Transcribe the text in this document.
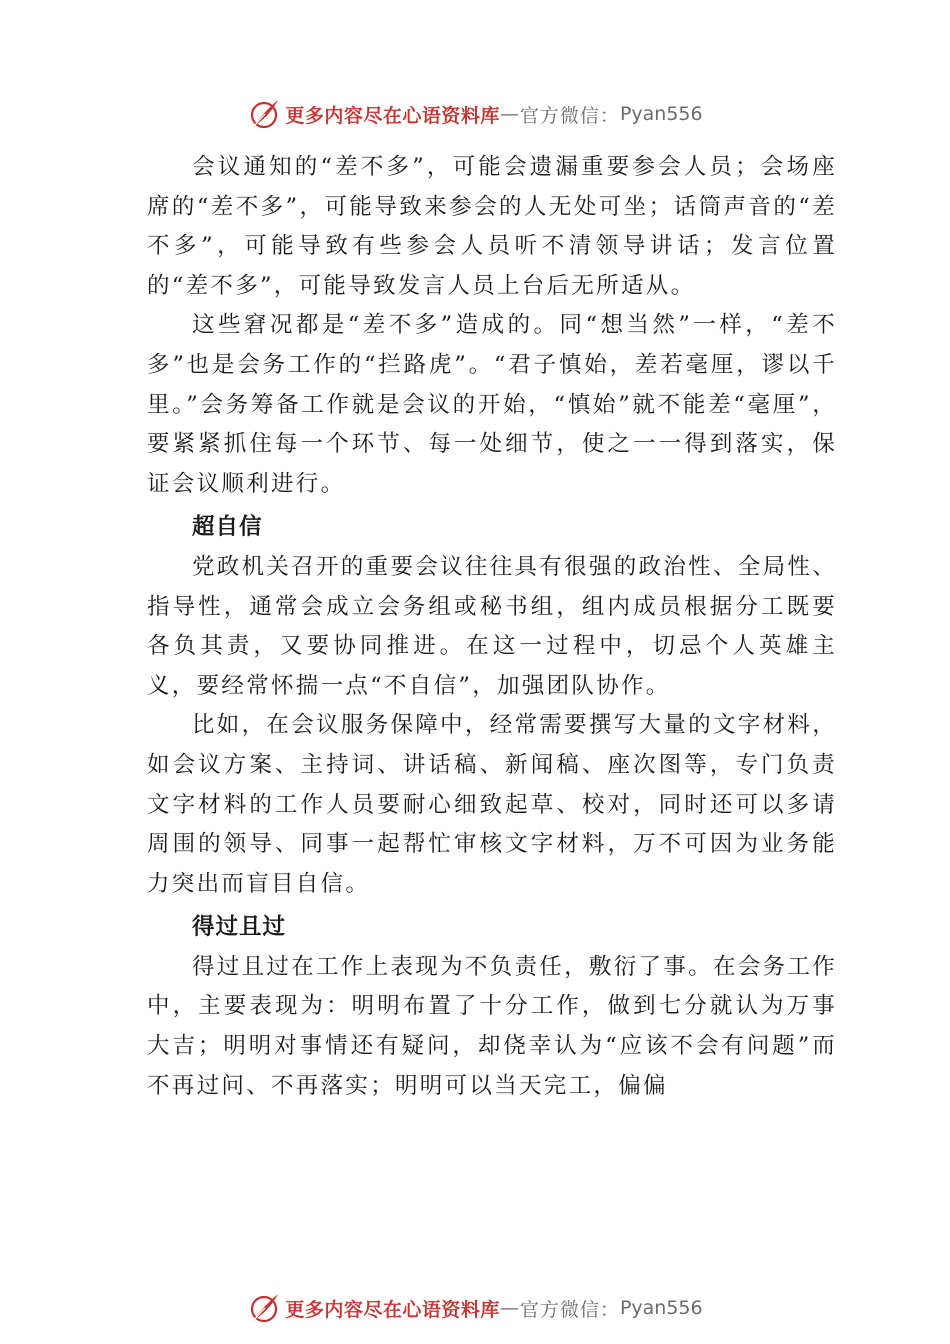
更多内容尽在心语资料库 — 官方微信： Pyan556

会议通知的“差不多”，可能会遗漏重要参会人员；会场座席的“差不多”，可能导致来参会的人无处可坐；话筒声音的“差不多”，可能导致有些参会人员听不清领导讲话；发言位置的“差不多”，可能导致发言人员上台后无所适从。

这些窘况都是“差不多”造成的。同“想当然”一样，“差不多”也是会务工作的“拦路虎”。“君子慎始，差若毫厘，谬以千里。”会务筹备工作就是会议的开始，“慎始”就不能差“毫厘”，要紧紧抓住每一个环节、每一处细节，使之一一得到落实，保证会议顺利进行。

超自信

党政机关召开的重要会议往往具有很强的政治性、全局性、指导性，通常会成立会务组或秘书组，组内成员根据分工既要各负其责，又要协同推进。在这一过程中，切忌个人英雄主义，要经常怀揣一点“不自信”，加强团队协作。

比如，在会议服务保障中，经常需要撰写大量的文字材料，如会议方案、主持词、讲话稿、新闻稿、座次图等，专门负责文字材料的工作人员要耐心细致起草、校对，同时还可以多请周围的领导、同事一起帮忙审核文字材料，万不可因为业务能力突出而盲目自信。

得过且过

得过且过在工作上表现为不负责任，敷衍了事。在会务工作中，主要表现为：明明布置了十分工作，做到七分就认为万事大吉；明明对事情还有疑问，却侥幸认为“应该不会有问题”而不再过问、不再落实；明明可以当天完工，偏偏

更多内容尽在心语资料库 — 官方微信： Pyan556
